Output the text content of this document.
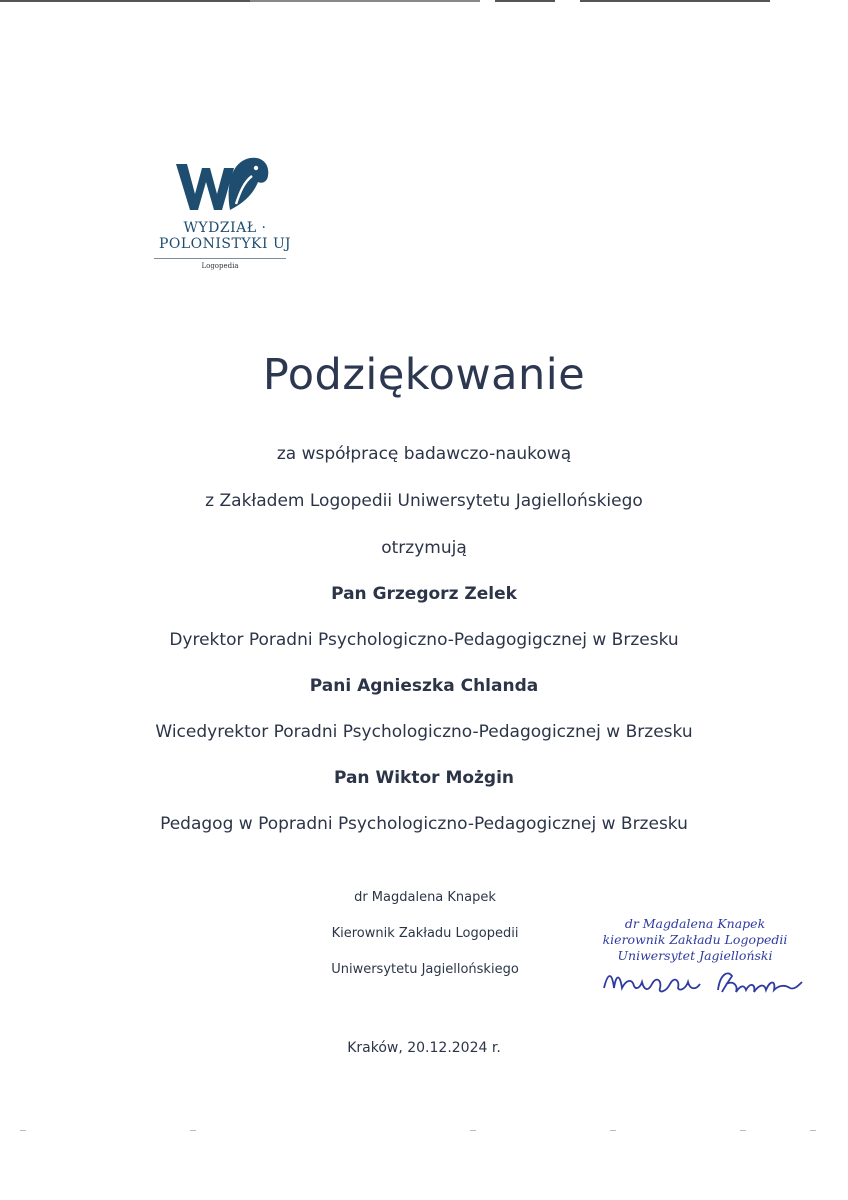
WYDZIAŁ ·
POLONISTYKI UJ
Logopedia
Podziękowanie
za współpracę badawczo-naukową
z Zakładem Logopedii Uniwersytetu Jagiellońskiego
otrzymują
Pan Grzegorz Zelek
Dyrektor Poradni Psychologiczno-Pedagogigcznej w Brzesku
Pani Agnieszka Chlanda
Wicedyrektor Poradni Psychologiczno-Pedagogicznej w Brzesku
Pan Wiktor Możgin
Pedagog w Popradni Psychologiczno-Pedagogicznej w Brzesku
dr Magdalena Knapek
Kierownik Zakładu Logopedii
Uniwersytetu Jagiellońskiego
dr Magdalena Knapek
kierownik Zakładu Logopedii
Uniwersytet Jagielloński
Kraków, 20.12.2024 r.
